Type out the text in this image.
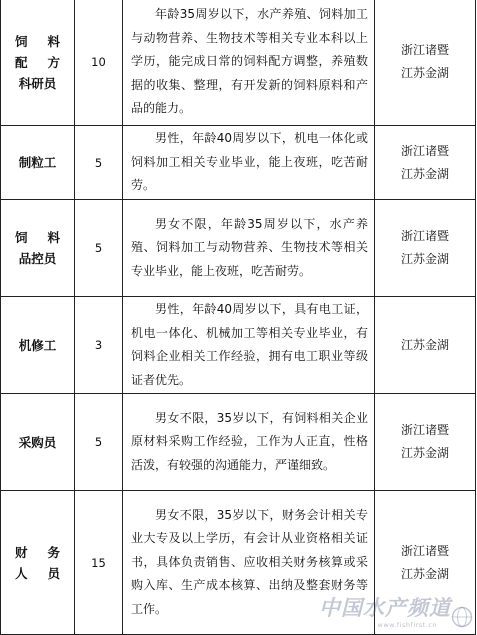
饲 料
配 方
科研员	10	年龄35周岁以下，水产养殖、饲料加工与动物营养、生物技术等相关专业本科以上学历，能完成日常的饲料配方调整，养殖数据的收集、整理，有开发新的饲料原料和产品的能力。	浙江诸暨
江苏金湖

制粒工	5	男性，年龄40周岁以下，机电一体化或饲料加工相关专业毕业，能上夜班，吃苦耐劳。	浙江诸暨
江苏金湖

饲 料
品控员	5	男女不限，年龄35周岁以下，水产养殖、饲料加工与动物营养、生物技术等相关专业毕业，能上夜班，吃苦耐劳。	浙江诸暨
江苏金湖

机修工	3	男性，年龄40周岁以下，具有电工证，机电一体化、机械加工等相关专业毕业，有饲料企业相关工作经验，拥有电工职业等级证者优先。	江苏金湖

采购员	5	男女不限，35岁以下，有饲料相关企业原材料采购工作经验，工作为人正直，性格活泼，有较强的沟通能力，严谨细致。	浙江诸暨
江苏金湖

财 务
人 员	15	男女不限，35岁以下，财务会计相关专业大专及以上学历，有会计从业资格相关证书，具体负责销售、应收相关财务核算或采购入库、生产成本核算、出纳及整套财务等工作。	浙江诸暨
江苏金湖
中国水产频道
www.fishfirst.cn
